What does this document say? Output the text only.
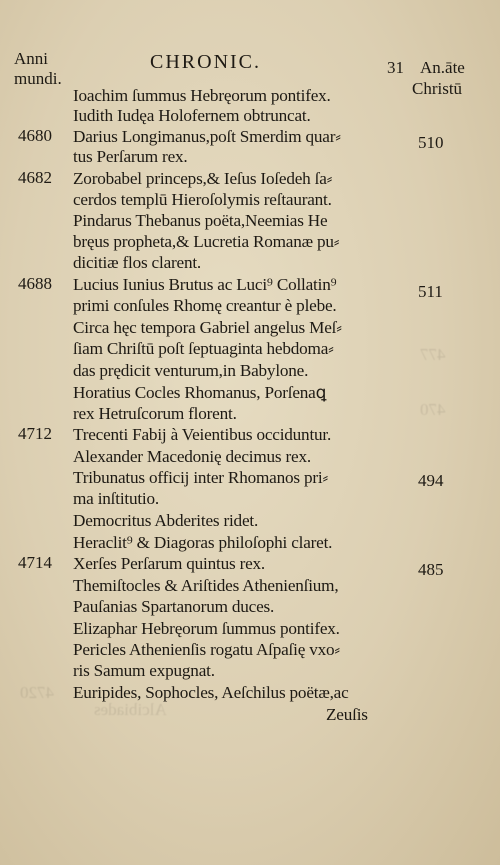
Anni
mundi.
CHRONIC.	31 An.āte
Christū
Ioachim ſummus Hebręorum pontifex.
Iudith Iudęa Holofernem obtruncat.
Darius Longimanus,poſt Smerdim quar⸗
tus Perſarum rex.
Zorobabel princeps,& Ieſus Ioſedeh ſa⸗
cerdos templū Hieroſolymis reſtaurant.
Pindarus Thebanus poëta,Neemias He
bręus propheta,& Lucretia Romanæ pu⸗
dicitiæ flos clarent.
Lucius Iunius Brutus ac Luci⁹ Collatin⁹
primi conſules Rhomę creantur è plebe.
Circa hęc tempora Gabriel angelus Meſ⸗
ſiam Chriſtū poſt ſeptuaginta hebdoma⸗
das prędicit venturum,in Babylone.
Horatius Cocles Rhomanus, Porſenaꝗ
rex Hetruſcorum florent.
Trecenti Fabij à Veientibus occiduntur.
Alexander Macedonię decimus rex.
Tribunatus officij inter Rhomanos pri⸗
ma inſtitutio.
Democritus Abderites ridet.
Heraclit⁹ & Diagoras philoſophi claret.
Xerſes Perſarum quintus rex.
Themiſtocles & Ariſtides Athenienſium,
Pauſanias Spartanorum duces.
Elizaphar Hebręorum ſummus pontifex.
Pericles Athenienſis rogatu Aſpaſię vxo⸗
ris Samum expugnat.
Euripides, Sophocles, Aeſchilus poëtæ,ac
Zeuſis
4680
4682
4688
4712
4714
510
511
494
485
Alcibiades
4720
477
470
